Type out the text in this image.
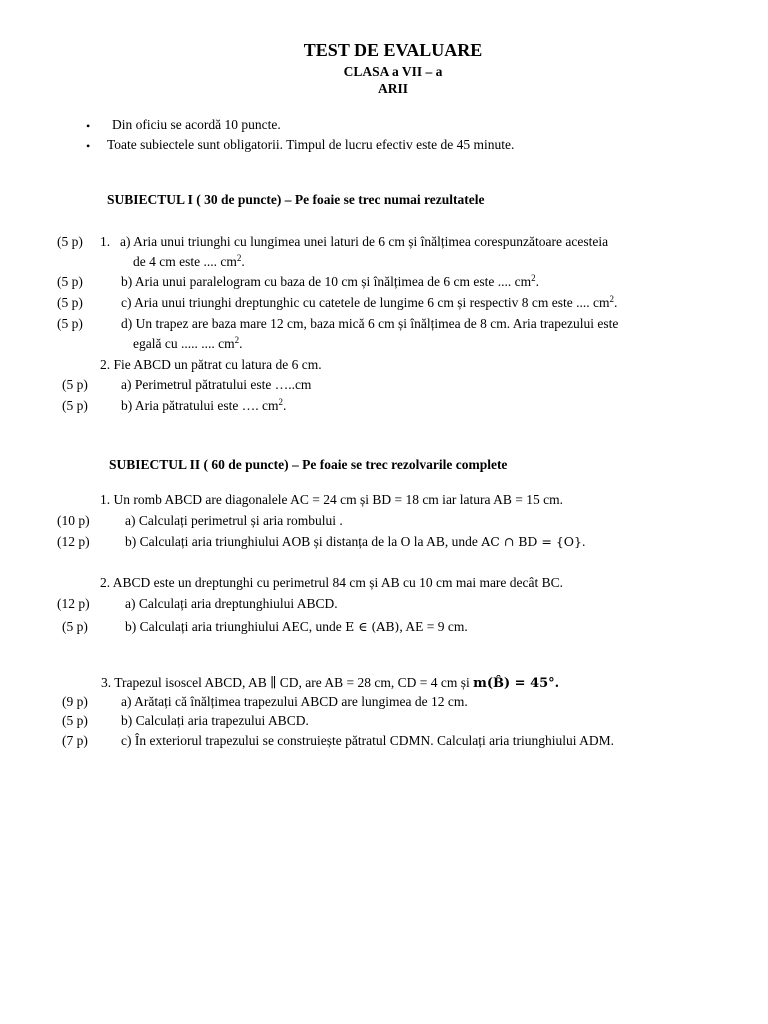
TEST DE EVALUARE
CLASA a VII – a
ARII
• Din oficiu se acordă 10 puncte.
• Toate subiectele sunt obligatorii. Timpul de lucru efectiv este de 45 minute.
SUBIECTUL I ( 30 de puncte) – Pe foaie se trec numai rezultatele
(5 p) 1. a) Aria unui triunghi cu lungimea unei laturi de 6 cm și înălțimea corespunzătoare acesteia
de 4 cm este .... $cm^2$.
(5 p)	b) Aria unui paralelogram cu baza de 10 cm și înălțimea de 6 cm este .... $cm^2$.
(5 p)	c) Aria unui triunghi dreptunghic cu catetele de lungime 6 cm și respectiv 8 cm este .... $cm^2$.
(5 p)	d) Un trapez are baza mare 12 cm, baza mică 6 cm și înălțimea de 8 cm. Aria trapezului este
egală cu ..... .... $cm^2$.
2. Fie ABCD un pătrat cu latura de 6 cm.
(5 p) a) Perimetrul pătratului este …..cm
(5 p) b) Aria pătratului este …. $cm^2$.
SUBIECTUL II ( 60 de puncte) – Pe foaie se trec rezolvarile complete
1. Un romb ABCD are diagonalele AC = 24 cm și BD = 18 cm iar latura AB = 15 cm.
(10 p)	a) Calculați perimetrul și aria rombului .
(12 p)	b) Calculați aria triunghiului AOB și distanța de la O la AB, unde AC ∩ BD = {O}.
2. ABCD este un dreptunghi cu perimetrul 84 cm și AB cu 10 cm mai mare decât BC.
(12 p)	a) Calculați aria dreptunghiului ABCD.
(5 p)	b) Calculați aria triunghiului AEC, unde E ∈ (AB), AE = 9 cm.
3. Trapezul isoscel ABCD, AB ∥ CD, are AB = 28 cm, CD = 4 cm și m(B̂) = 45°.
(9 p) a) Arătați că înălțimea trapezului ABCD are lungimea de 12 cm.
(5 p) b) Calculați aria trapezului ABCD.
(7 p) c) În exteriorul trapezului se construiește pătratul CDMN. Calculați aria triunghiului ADM.
